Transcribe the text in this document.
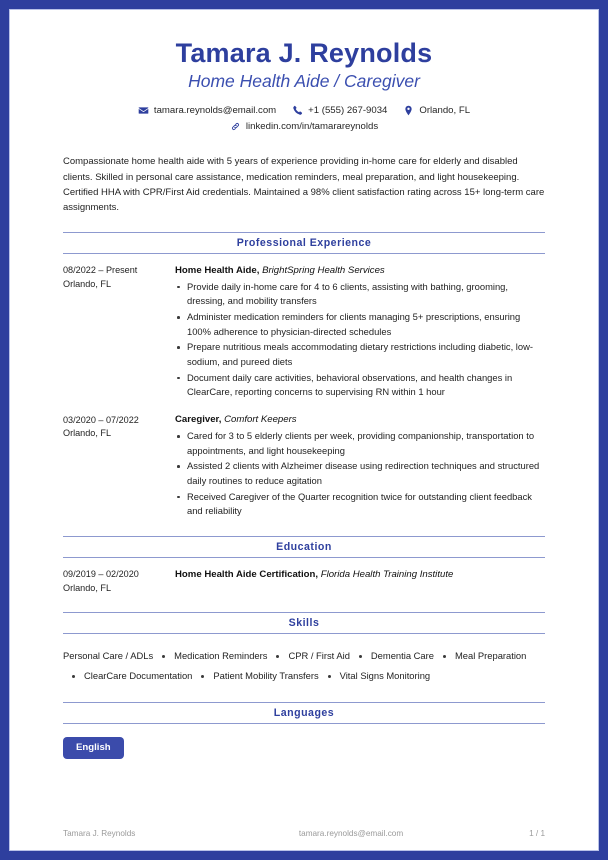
Tamara J. Reynolds
Home Health Aide / Caregiver
tamara.reynolds@email.com	+1 (555) 267-9034	Orlando, FL
linkedin.com/in/tamarareynolds
Compassionate home health aide with 5 years of experience providing in-home care for elderly and disabled clients. Skilled in personal care assistance, medication reminders, meal preparation, and light housekeeping. Certified HHA with CPR/First Aid credentials. Maintained a 98% client satisfaction rating across 15+ long-term care assignments.
Professional Experience
08/2022 – Present
Orlando, FL
Home Health Aide, BrightSpring Health Services
Provide daily in-home care for 4 to 6 clients, assisting with bathing, grooming, dressing, and mobility transfers
Administer medication reminders for clients managing 5+ prescriptions, ensuring 100% adherence to physician-directed schedules
Prepare nutritious meals accommodating dietary restrictions including diabetic, low-sodium, and pureed diets
Document daily care activities, behavioral observations, and health changes in ClearCare, reporting concerns to supervising RN within 1 hour
03/2020 – 07/2022
Orlando, FL
Caregiver, Comfort Keepers
Cared for 3 to 5 elderly clients per week, providing companionship, transportation to appointments, and light housekeeping
Assisted 2 clients with Alzheimer disease using redirection techniques and structured daily routines to reduce agitation
Received Caregiver of the Quarter recognition twice for outstanding client feedback and reliability
Education
09/2019 – 02/2020
Orlando, FL
Home Health Aide Certification, Florida Health Training Institute
Skills
Personal Care / ADLs Medication Reminders CPR / First Aid Dementia Care Meal PreparationClearCare Documentation Patient Mobility Transfers Vital Signs Monitoring
Languages
English
Tamara J. Reynolds	tamara.reynolds@email.com	1 / 1
